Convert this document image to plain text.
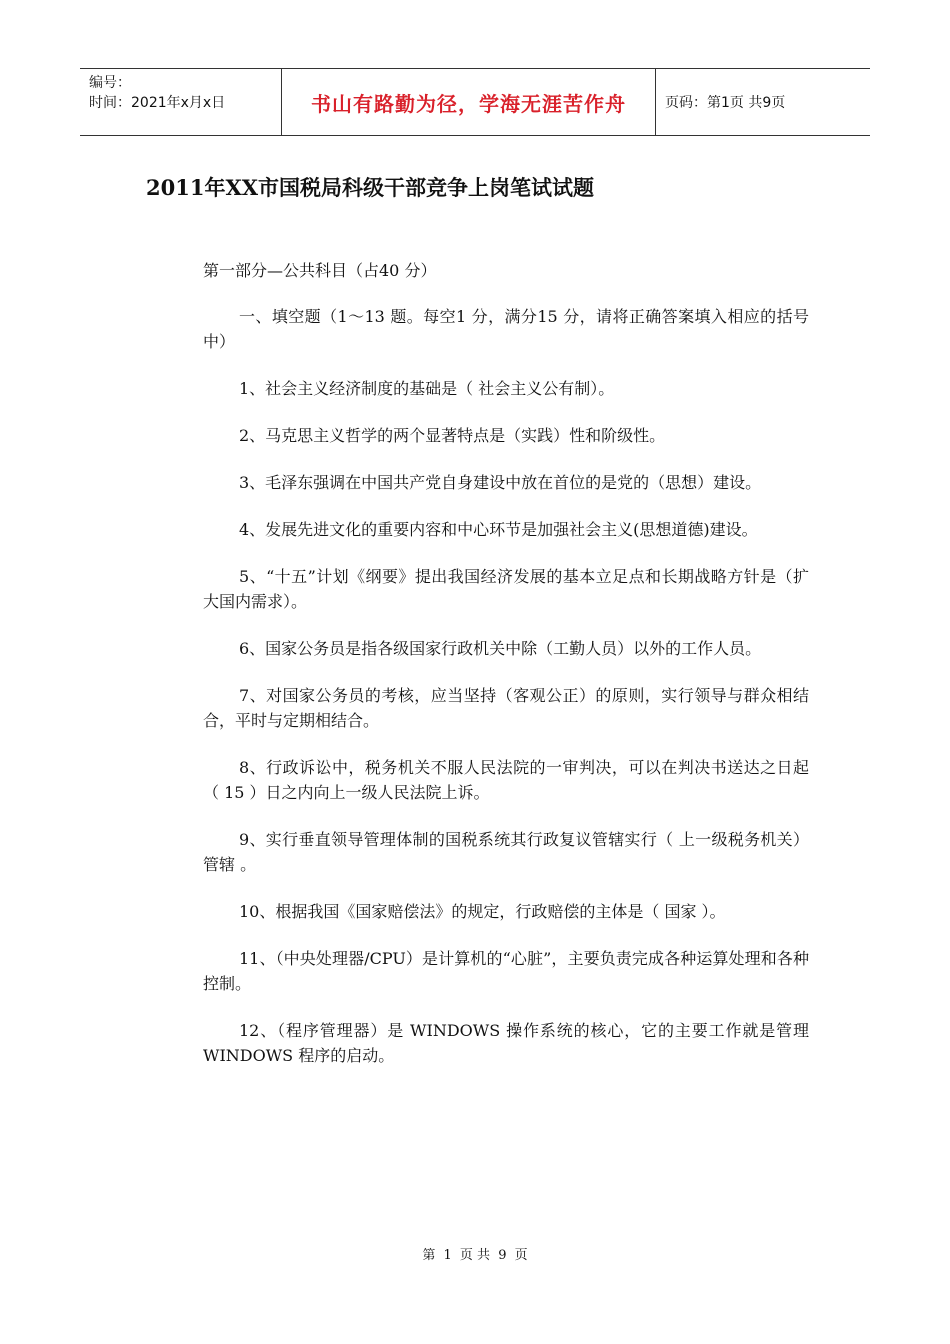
编号：
时间：2021年x月x日	书山有路勤为径，学海无涯苦作舟	页码：第1页 共9页
2011年XX市国税局科级干部竞争上岗笔试试题

第一部分—公共科目（占40 分）

一、填空题（1～13 题。每空1 分，满分15 分，请将正确答案填入相应的括号中）

1、社会主义经济制度的基础是（ 社会主义公有制）。

2、马克思主义哲学的两个显著特点是（实践）性和阶级性。

3、毛泽东强调在中国共产党自身建设中放在首位的是党的（思想）建设。

4、发展先进文化的重要内容和中心环节是加强社会主义(思想道德)建设。

5、“十五”计划《纲要》提出我国经济发展的基本立足点和长期战略方针是（扩大国内需求）。

6、国家公务员是指各级国家行政机关中除（工勤人员）以外的工作人员。

7、对国家公务员的考核，应当坚持（客观公正）的原则，实行领导与群众相结合，平时与定期相结合。

8、行政诉讼中，税务机关不服人民法院的一审判决，可以在判决书送达之日起（ 15 ）日之内向上一级人民法院上诉。

9、实行垂直领导管理体制的国税系统其行政复议管辖实行（ 上一级税务机关）管辖 。

10、根据我国《国家赔偿法》的规定，行政赔偿的主体是（ 国家 ）。

11、（中央处理器/CPU）是计算机的“心脏”，主要负责完成各种运算处理和各种控制。

12、（程序管理器）是 WINDOWS 操作系统的核心，它的主要工作就是管理 WINDOWS 程序的启动。

第 1 页 共 9 页
